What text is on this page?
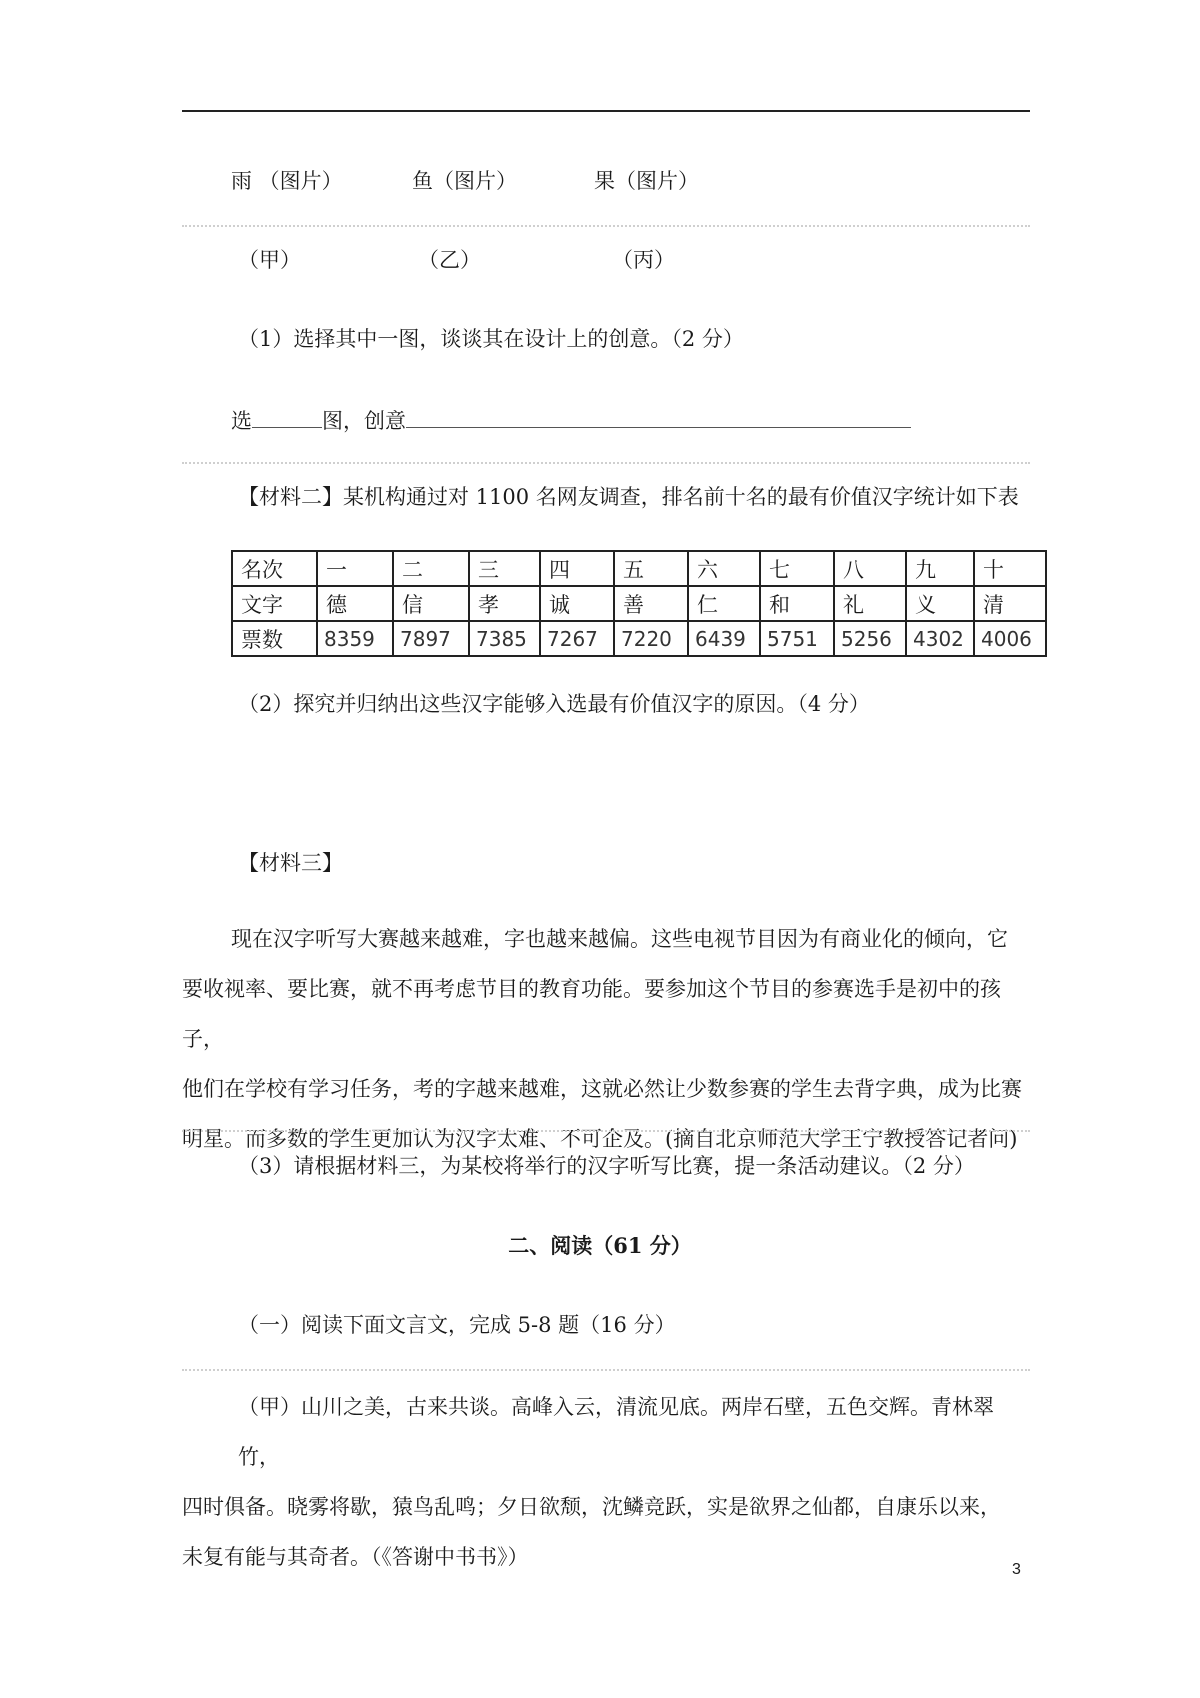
雨 （图片）	鱼（图片）	果（图片）
（甲）	（乙）	（丙）
（1）选择其中一图，谈谈其在设计上的创意。（2 分）
选	图，创意
【材料二】某机构通过对 1100 名网友调查，排名前十名的最有价值汉字统计如下表
名次	一	二	三	四	五	六	七	八	九	十
文字	德	信	孝	诚	善	仁	和	礼	义	清
票数	8359	7897	7385	7267	7220	6439	5751	5256	4302	4006
（2）探究并归纳出这些汉字能够入选最有价值汉字的原因。（4 分）
【材料三】

现在汉字听写大赛越来越难，字也越来越偏。这些电视节目因为有商业化的倾向，它

要收视率、要比赛，就不再考虑节目的教育功能。要参加这个节目的参赛选手是初中的孩子，

他们在学校有学习任务，考的字越来越难，这就必然让少数参赛的学生去背字典，成为比赛

明星。而多数的学生更加认为汉字太难、不可企及。(摘自北京师范大学王宁教授答记者问)

（3）请根据材料三，为某校将举行的汉字听写比赛，提一条活动建议。（2 分）
二、阅读（61 分）
（一）阅读下面文言文，完成 5-8 题（16 分）

（甲）山川之美，古来共谈。高峰入云，清流见底。两岸石壁，五色交辉。青林翠竹，

四时俱备。晓雾将歇，猿鸟乱鸣；夕日欲颓，沈鳞竞跃，实是欲界之仙都，自康乐以来，

未复有能与其奇者。（《答谢中书书》）

3
